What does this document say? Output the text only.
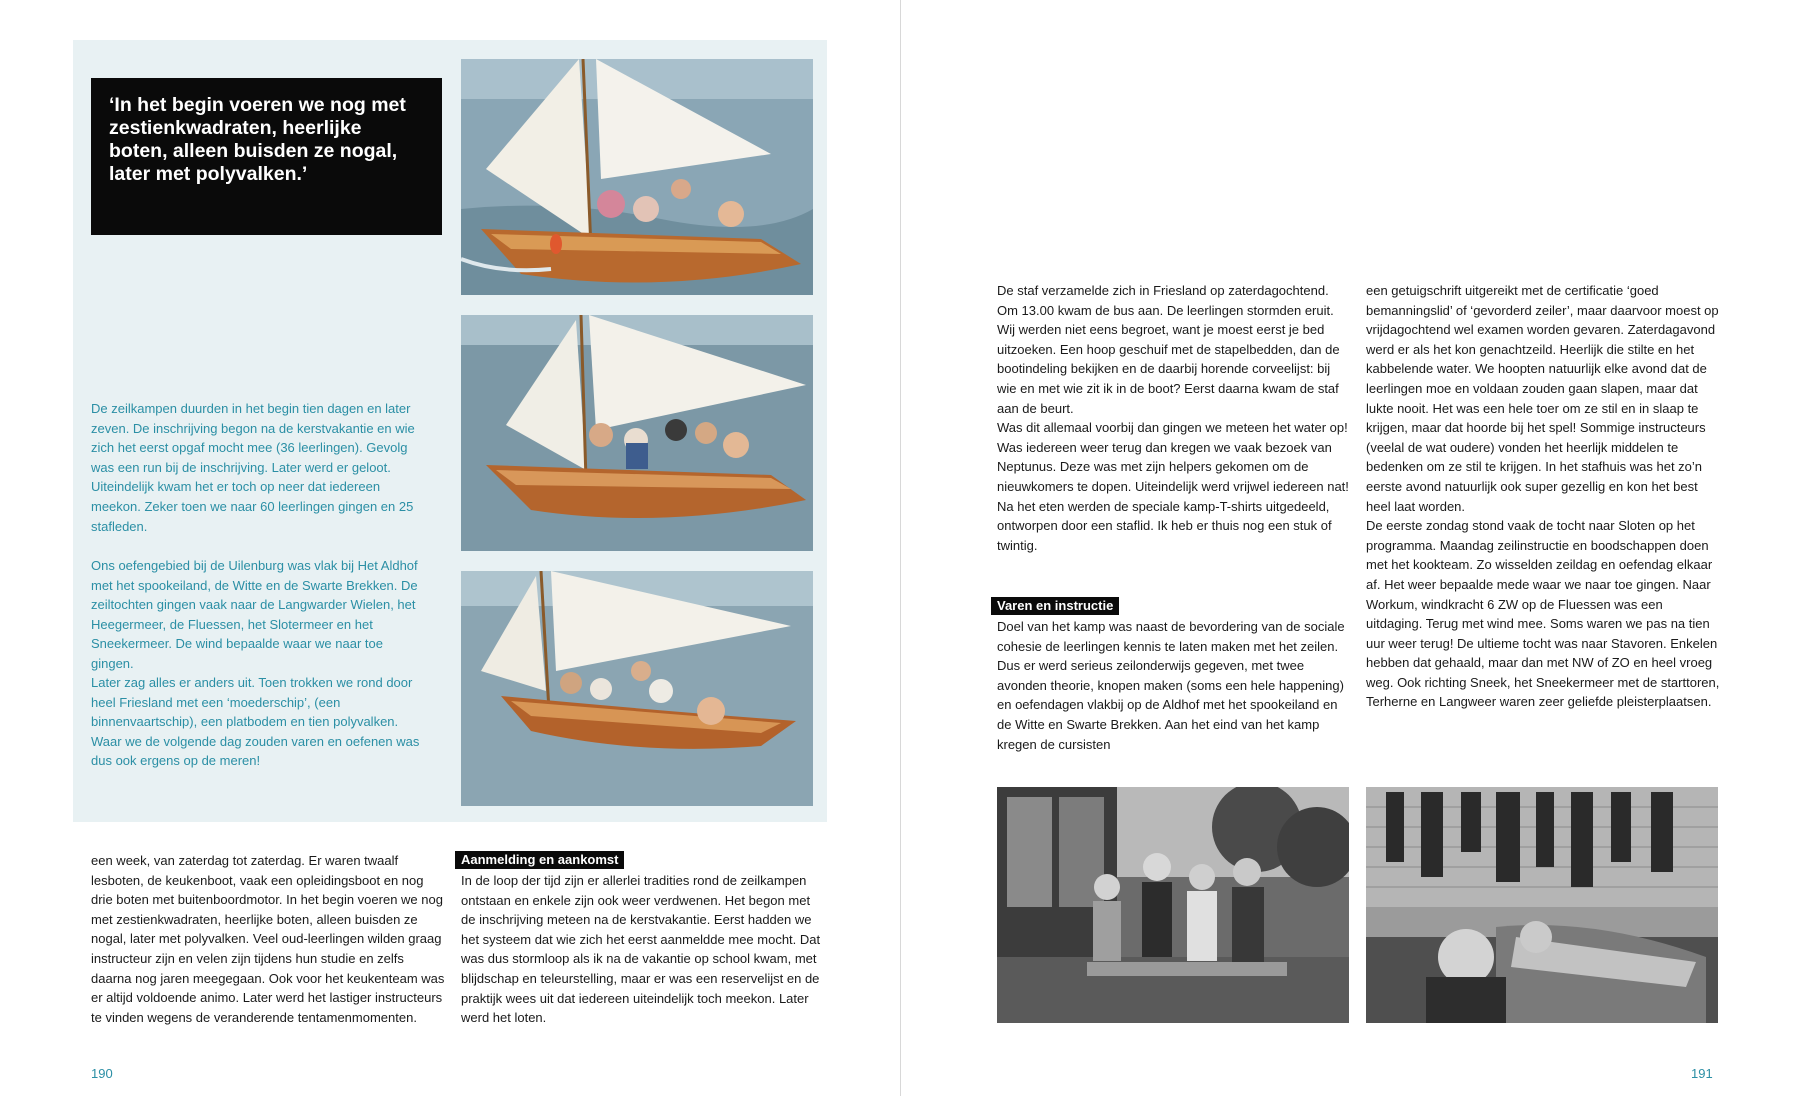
‘In het begin voeren we nog met zestienkwadraten, heerlijke boten, alleen buisden ze nogal, later met polyvalken.’

De zeilkampen duurden in het begin tien dagen en later zeven. De inschrijving begon na de kerstvakantie en wie zich het eerst opgaf mocht mee (36 leerlingen). Gevolg was een run bij de inschrijving. Later werd er geloot. Uiteindelijk kwam het er toch op neer dat iedereen meekon. Zeker toen we naar 60 leerlingen gingen en 25 stafleden.

Ons oefengebied bij de Uilenburg was vlak bij Het Aldhof met het spookeiland, de Witte en de Swarte Brekken. De zeiltochten gingen vaak naar de Langwarder Wielen, het Heegermeer, de Fluessen, het Slotermeer en het Sneekermeer. De wind bepaalde waar we naar toe gingen.

Later zag alles er anders uit. Toen trokken we rond door heel Friesland met een ‘moederschip’, (een binnenvaartschip), een platbodem en tien polyvalken. Waar we de volgende dag zouden varen en oefenen was dus ook ergens op de meren!

een week, van zaterdag tot zaterdag. Er waren twaalf lesboten, de keukenboot, vaak een opleidingsboot en nog drie boten met buitenboordmotor. In het begin voeren we nog met zestienkwadraten, heerlijke boten, alleen buisden ze nogal, later met polyvalken. Veel oud-leerlingen wilden graag instructeur zijn en velen zijn tijdens hun studie en zelfs daarna nog jaren meegegaan. Ook voor het keukenteam was er altijd voldoende animo. Later werd het lastiger instructeurs te vinden wegens de veranderende tentamenmomenten.

Aanmelding en aankomst

In de loop der tijd zijn er allerlei tradities rond de zeilkampen ontstaan en enkele zijn ook weer verdwenen. Het begon met de inschrijving meteen na de kerstvakantie. Eerst hadden we het systeem dat wie zich het eerst aanmeldde mee mocht. Dat was dus stormloop als ik na de vakantie op school kwam, met blijdschap en teleurstelling, maar er was een reservelijst en de praktijk wees uit dat iedereen uiteindelijk toch meekon. Later werd het loten.

190

De staf verzamelde zich in Friesland op zaterdagochtend. Om 13.00 kwam de bus aan. De leerlingen stormden eruit. Wij werden niet eens begroet, want je moest eerst je bed uitzoeken. Een hoop geschuif met de stapelbedden, dan de bootindeling bekijken en de daarbij horende corveelijst: bij wie en met wie zit ik in de boot? Eerst daarna kwam de staf aan de beurt.

Was dit allemaal voorbij dan gingen we meteen het water op! Was iedereen weer terug dan kregen we vaak bezoek van Neptunus. Deze was met zijn helpers gekomen om de nieuwkomers te dopen. Uiteindelijk werd vrijwel iedereen nat! Na het eten werden de speciale kamp-T-shirts uitgedeeld, ontworpen door een staflid. Ik heb er thuis nog een stuk of twintig.

Varen en instructie

Doel van het kamp was naast de bevordering van de sociale cohesie de leerlingen kennis te laten maken met het zeilen. Dus er werd serieus zeilonderwijs gegeven, met twee avonden theorie, knopen maken (soms een hele happening) en oefendagen vlakbij op de Aldhof met het spookeiland en de Witte en Swarte Brekken. Aan het eind van het kamp kregen de cursisten

een getuigschrift uitgereikt met de certificatie ‘goed bemanningslid’ of ‘gevorderd zeiler’, maar daarvoor moest op vrijdagochtend wel examen worden gevaren. Zaterdagavond werd er als het kon genachtzeild. Heerlijk die stilte en het kabbelende water. We hoopten natuurlijk elke avond dat de leerlingen moe en voldaan zouden gaan slapen, maar dat lukte nooit. Het was een hele toer om ze stil en in slaap te krijgen, maar dat hoorde bij het spel! Sommige instructeurs (veelal de wat oudere) vonden het heerlijk middelen te bedenken om ze stil te krijgen. In het stafhuis was het zo’n eerste avond natuurlijk ook super gezellig en kon het best heel laat worden.

De eerste zondag stond vaak de tocht naar Sloten op het programma. Maandag zeilinstructie en boodschappen doen met het kookteam. Zo wisselden zeildag en oefendag elkaar af. Het weer bepaalde mede waar we naar toe gingen. Naar Workum, windkracht 6 ZW op de Fluessen was een uitdaging. Terug met wind mee. Soms waren we pas na tien uur weer terug! De ultieme tocht was naar Stavoren. Enkelen hebben dat gehaald, maar dan met NW of ZO en heel vroeg weg. Ook richting Sneek, het Sneekermeer met de starttoren, Terherne en Langweer waren zeer geliefde pleisterplaatsen.

191
